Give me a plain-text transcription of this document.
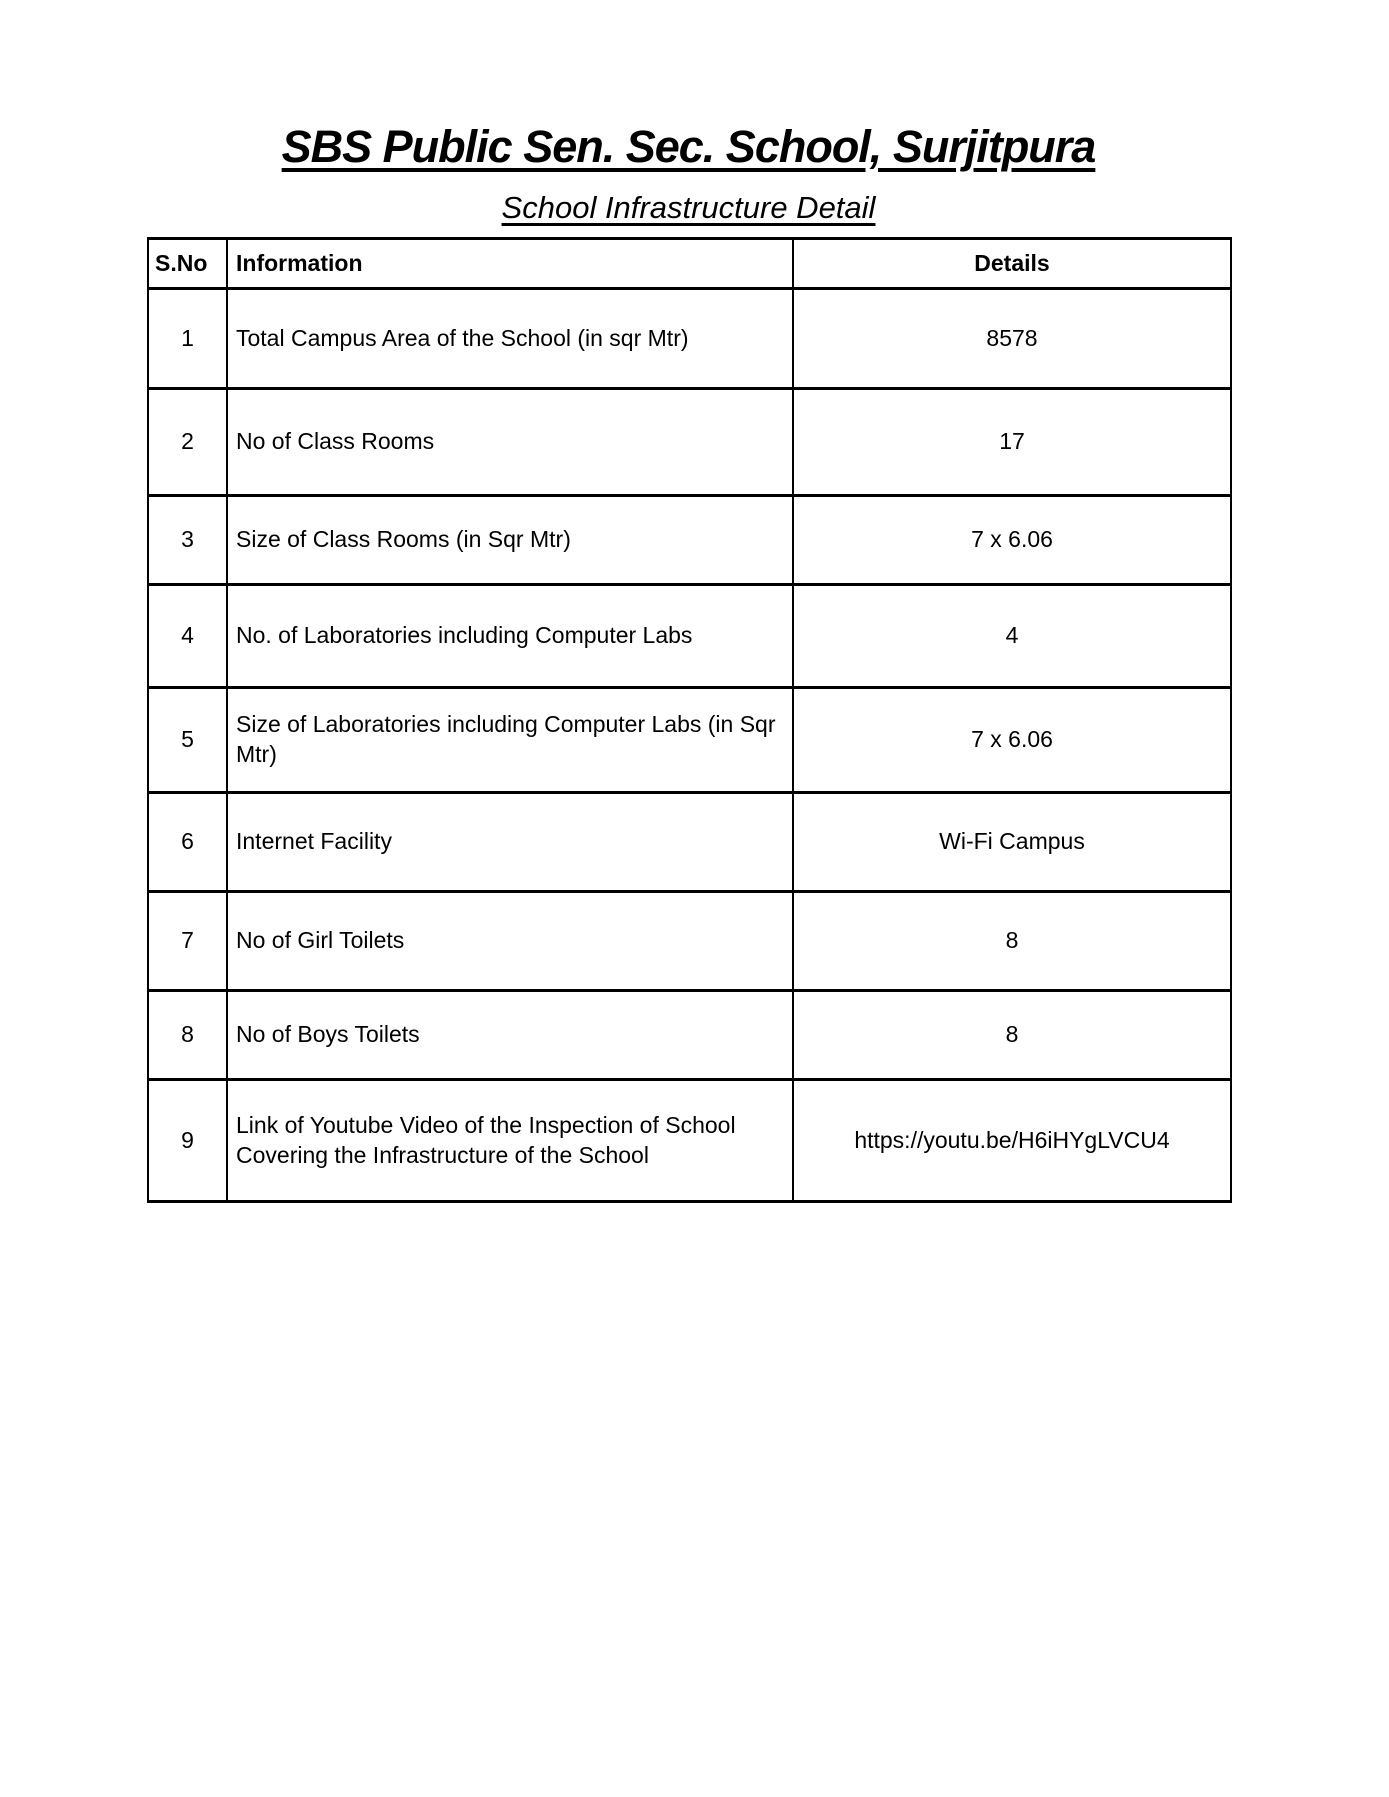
SBS Public Sen. Sec. School, Surjitpura
School Infrastructure Detail
S.No	Information	Details
1	Total Campus Area of the School (in sqr Mtr)	8578
2	No of Class Rooms	17
3	Size of Class Rooms (in Sqr Mtr)	7 x 6.06
4	No. of Laboratories including Computer Labs	4
5	Size of Laboratories including Computer Labs (in Sqr Mtr)	7 x 6.06
6	Internet Facility	Wi-Fi Campus
7	No of Girl Toilets	8
8	No of Boys Toilets	8
9	Link of Youtube Video of the Inspection of School Covering the Infrastructure of the School	https://youtu.be/H6iHYgLVCU4
